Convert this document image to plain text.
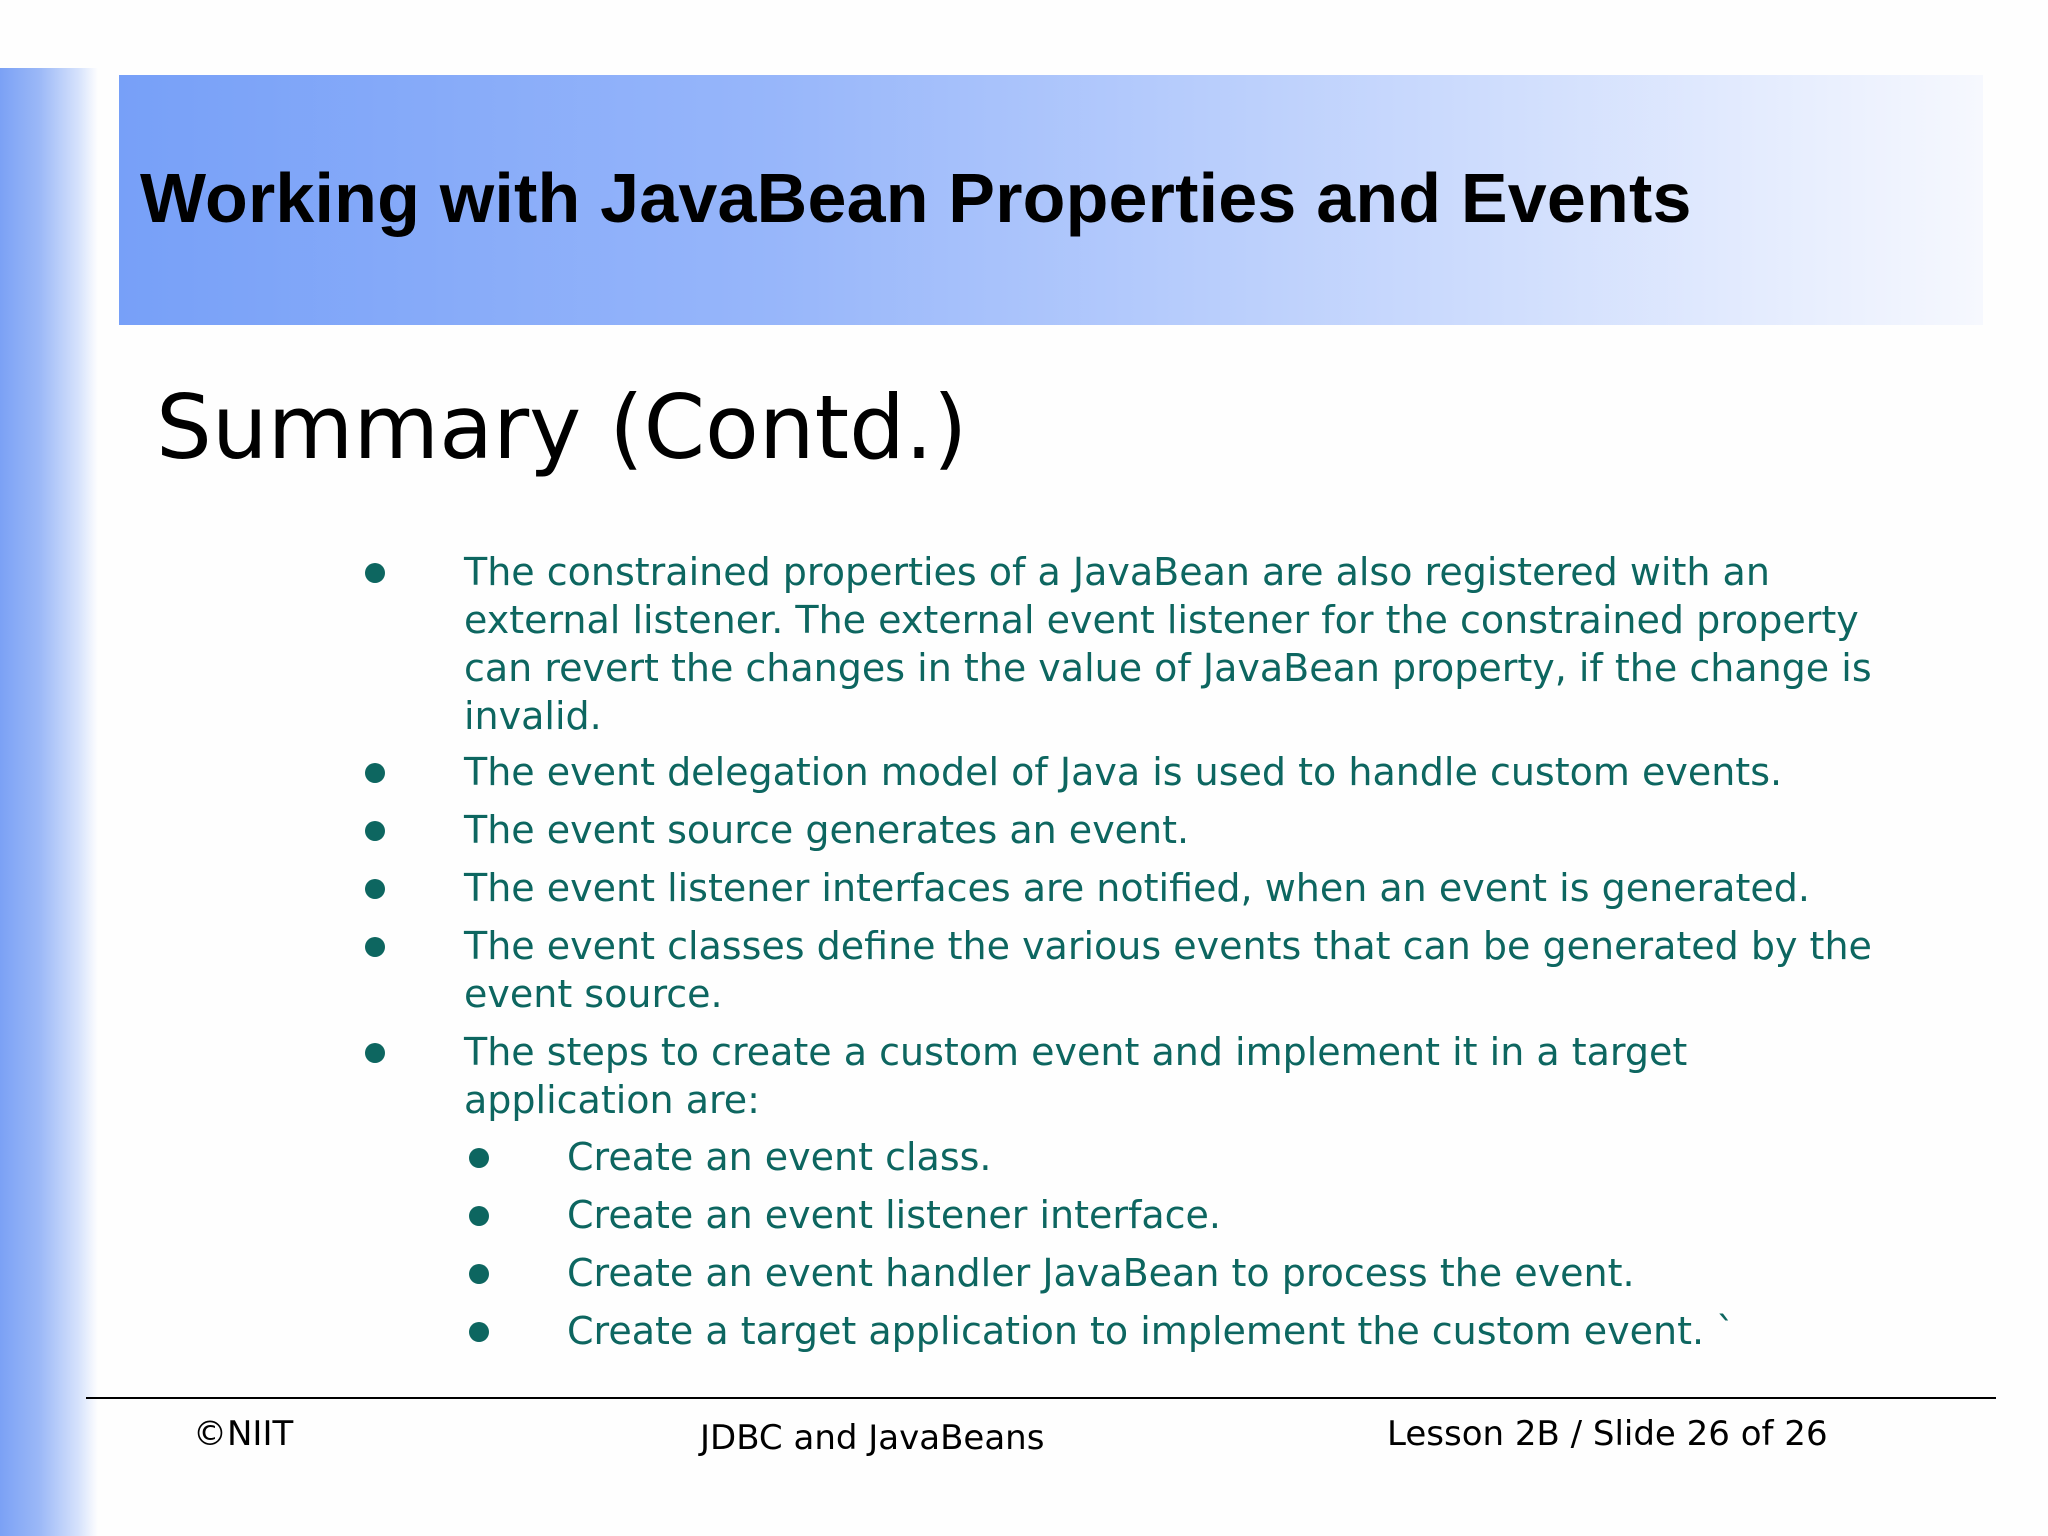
Working with JavaBean Properties and Events
Summary (Contd.)
The constrained properties of a JavaBean are also registered with an external listener. The external event listener for the constrained property can revert the changes in the value of JavaBean property, if the change is invalid.
The event delegation model of Java is used to handle custom events.
The event source generates an event.
The event listener interfaces are notified, when an event is generated.
The event classes define the various events that can be generated by the event source.
The steps to create a custom event and implement it in a target application are:
Create an event class.
Create an event listener interface.
Create an event handler JavaBean to process the event.
Create a target application to implement the custom event. `
©NIIT	JDBC and JavaBeans	Lesson 2B / Slide 26 of 26
